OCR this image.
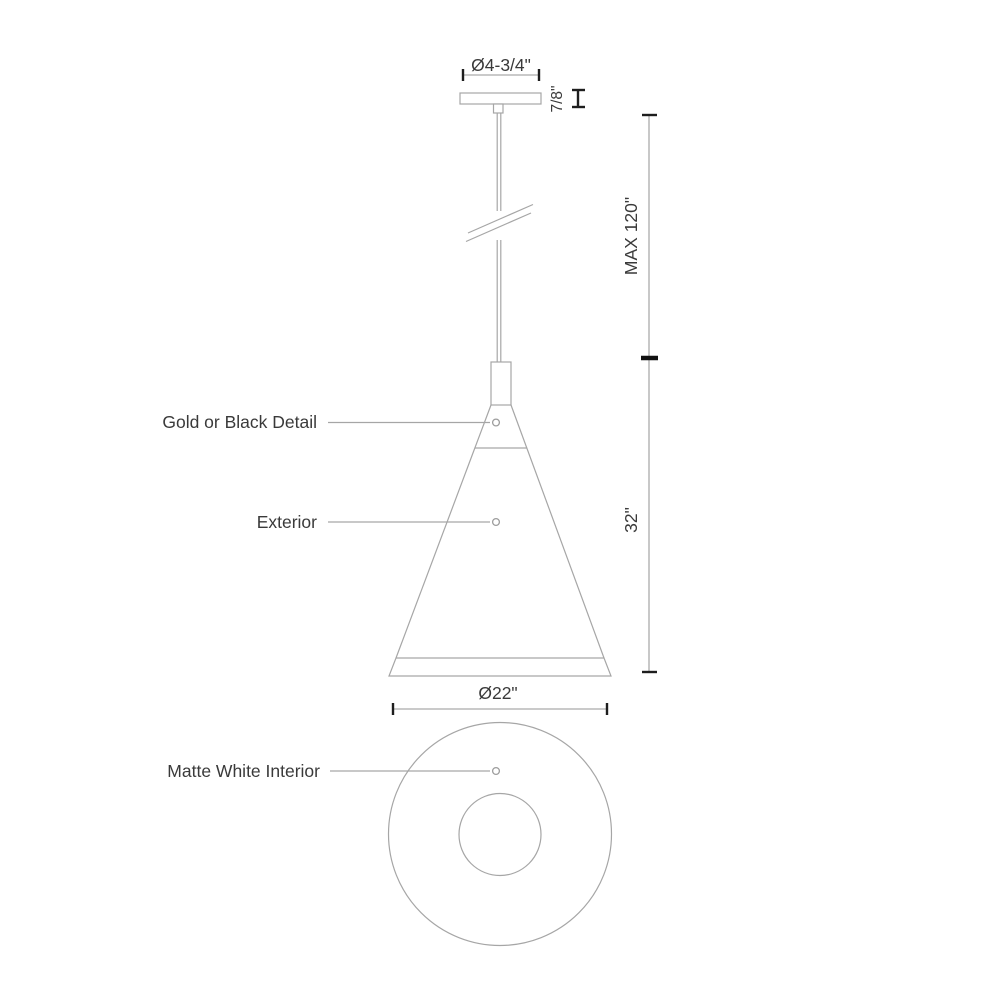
Ø4-3/4"
7/8"
Ø22"
MAX 120"
32"
Gold or Black Detail
Exterior
Matte White Interior
